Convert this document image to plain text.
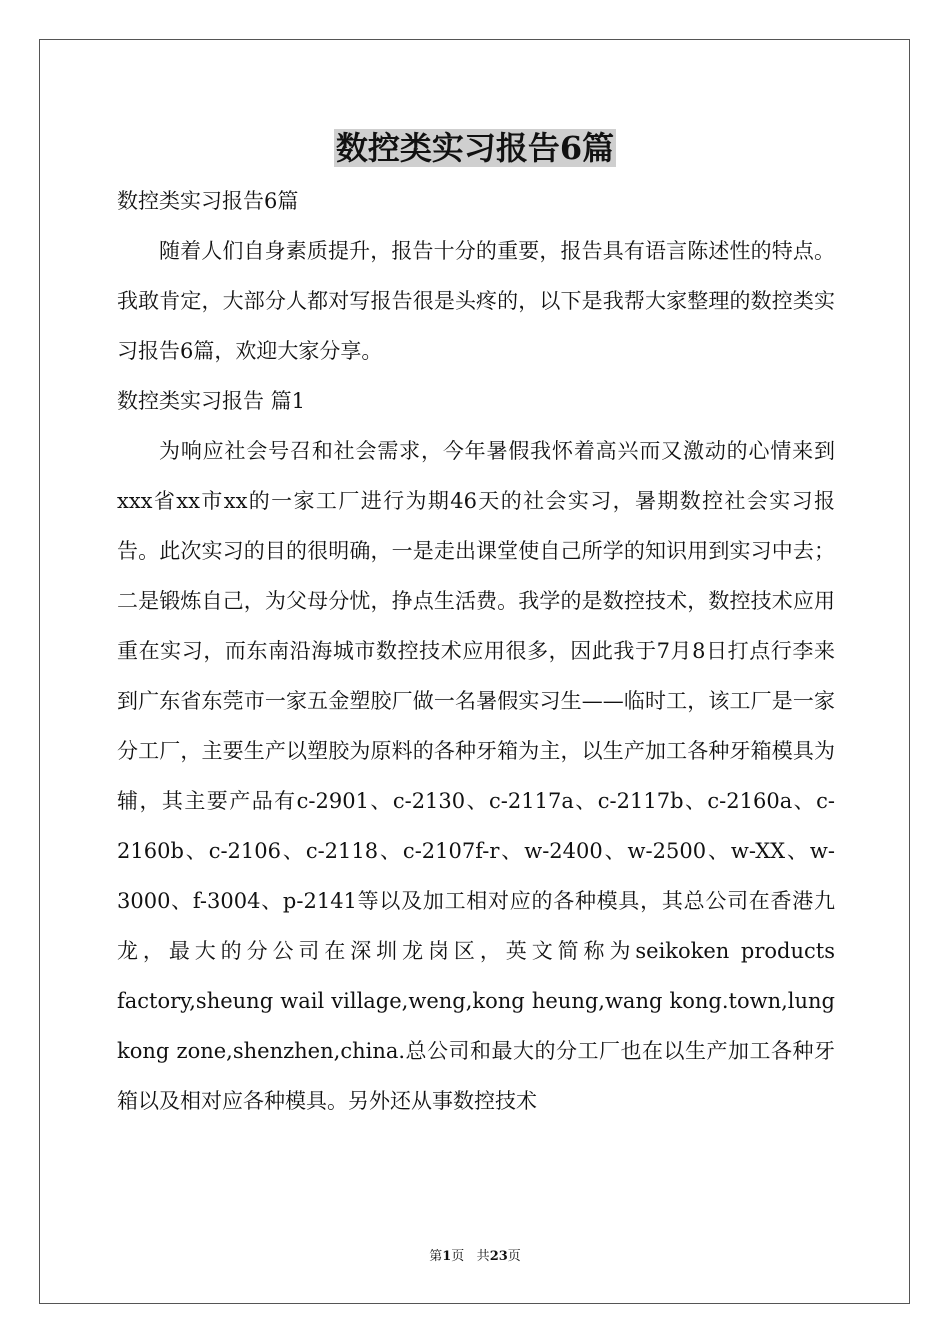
数控类实习报告6篇

数控类实习报告6篇

随着人们自身素质提升，报告十分的重要，报告具有语言陈述性的特点。我敢肯定，大部分人都对写报告很是头疼的，以下是我帮大家整理的数控类实习报告6篇，欢迎大家分享。

数控类实习报告 篇1

为响应社会号召和社会需求，今年暑假我怀着高兴而又激动的心情来到xxx省xx市xx的一家工厂进行为期46天的社会实习，暑期数控社会实习报告。此次实习的目的很明确，一是走出课堂使自己所学的知识用到实习中去；二是锻炼自己，为父母分忧，挣点生活费。我学的是数控技术，数控技术应用重在实习，而东南沿海城市数控技术应用很多，因此我于7月8日打点行李来到广东省东莞市一家五金塑胶厂做一名暑假实习生——临时工，该工厂是一家分工厂，主要生产以塑胶为原料的各种牙箱为主，以生产加工各种牙箱模具为辅，其主要产品有c-2901、c-2130、c-2117a、c-2117b、c-2160a、c-2160b、c-2106、c-2118、c-2107f-r、w-2400、w-2500、w-XX、w-3000、f-3004、p-2141等以及加工相对应的各种模具，其总公司在香港九龙，最大的分公司在深圳龙岗区，英文简称为seikoken products factory,sheung wail village,weng,kong heung,wang kong.town,lung kong zone,shenzhen,china.总公司和最大的分工厂也在以生产加工各种牙箱以及相对应各种模具。另外还从事数控技术

第1页 共23页
